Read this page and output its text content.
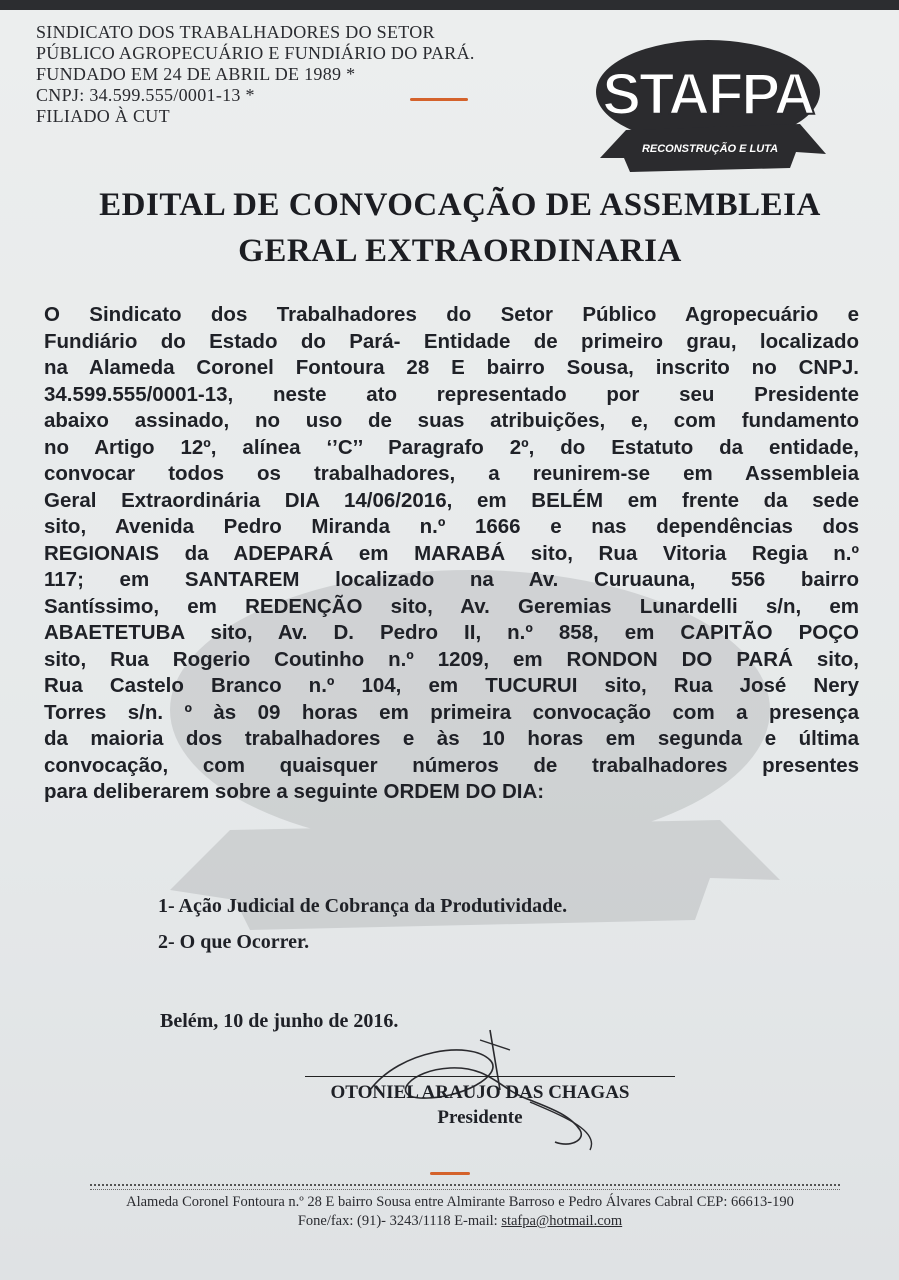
SINDICATO DOS TRABALHADORES DO SETOR
PÚBLICO AGROPECUÁRIO E FUNDIÁRIO DO PARÁ.
FUNDADO EM 24 DE ABRIL DE 1989 *
CNPJ: 34.599.555/0001-13 *
FILIADO À CUT	STAFPA
RECONSTRUÇÃO E LUTA
EDITAL DE CONVOCAÇÃO DE ASSEMBLEIA
GERAL EXTRAORDINARIA
O Sindicato dos Trabalhadores do Setor Público Agropecuário e
Fundiário do Estado do Pará- Entidade de primeiro grau, localizado
na Alameda Coronel Fontoura 28 E bairro Sousa, inscrito no CNPJ.
34.599.555/0001-13, neste ato representado por seu Presidente
abaixo assinado, no uso de suas atribuições, e, com fundamento
no Artigo 12º, alínea ‘’C’’ Paragrafo 2º, do Estatuto da entidade,
convocar todos os trabalhadores, a reunirem-se em Assembleia
Geral Extraordinária DIA 14/06/2016, em BELÉM em frente da sede
sito, Avenida Pedro Miranda n.º 1666 e nas dependências dos
REGIONAIS da ADEPARÁ em MARABÁ sito, Rua Vitoria Regia n.º
117; em SANTAREM localizado na Av. Curuauna, 556 bairro
Santíssimo, em REDENÇÃO sito, Av. Geremias Lunardelli s/n, em
ABAETETUBA sito, Av. D. Pedro II, n.º 858, em CAPITÃO POÇO
sito, Rua Rogerio Coutinho n.º 1209, em RONDON DO PARÁ sito,
Rua Castelo Branco n.º 104, em TUCURUI sito, Rua José Nery
Torres s/n. º às 09 horas em primeira convocação com a presença
da maioria dos trabalhadores e às 10 horas em segunda e última
convocação, com quaisquer números de trabalhadores presentes
para deliberarem sobre a seguinte ORDEM DO DIA:
1- Ação Judicial de Cobrança da Produtividade.
2- O que Ocorrer.
Belém, 10 de junho de 2016.
OTONIEL ARAUJO DAS CHAGAS
Presidente
Alameda Coronel Fontoura n.º 28 E bairro Sousa entre Almirante Barroso e Pedro Álvares Cabral CEP: 66613-190
Fone/fax: (91)- 3243/1118 E-mail: stafpa@hotmail.com
